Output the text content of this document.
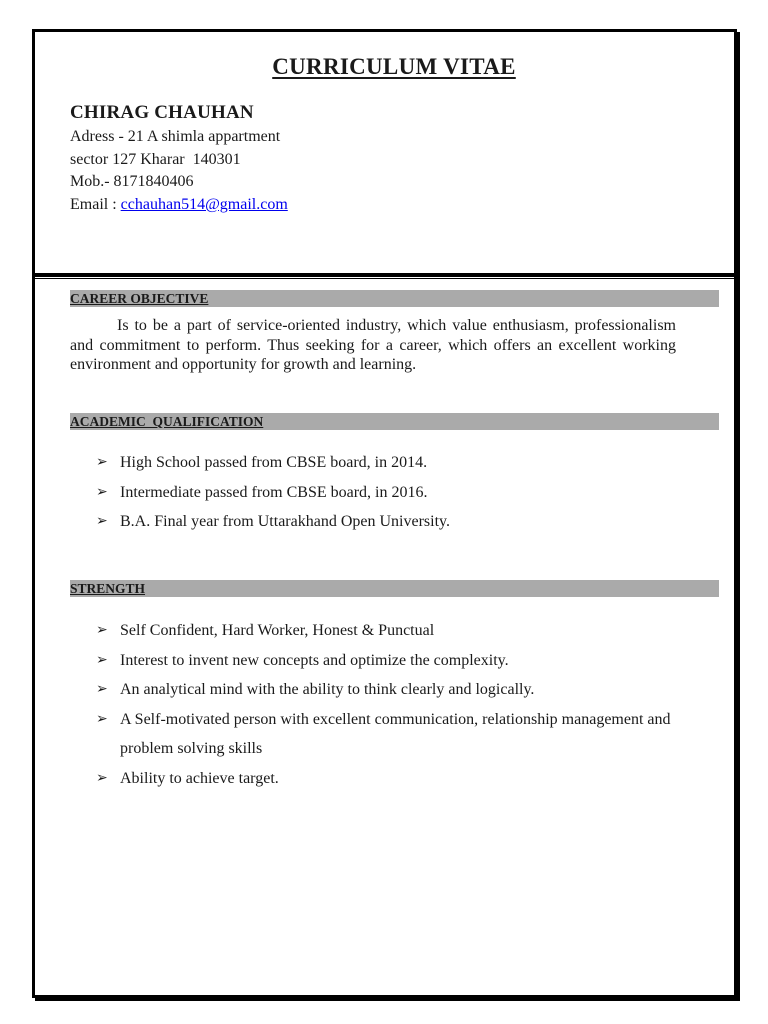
CURRICULUM VITAE
CHIRAG CHAUHAN
Adress - 21 A shimla appartment
sector 127 Kharar  140301
Mob.- 8171840406
Email : cchauhan514@gmail.com
CAREER OBJECTIVE
Is to be a part of service-oriented industry, which value enthusiasm, professionalism and commitment to perform. Thus seeking for a career, which offers an excellent working environment and opportunity for growth and learning.
ACADEMIC  QUALIFICATION
➢ High School passed from CBSE board, in 2014.
➢ Intermediate passed from CBSE board, in 2016.
➢ B.A. Final year from Uttarakhand Open University.
STRENGTH
➢ Self Confident, Hard Worker, Honest & Punctual
➢ Interest to invent new concepts and optimize the complexity.
➢ An analytical mind with the ability to think clearly and logically.
➢ A Self-motivated person with excellent communication, relationship management and problem solving skills
➢ Ability to achieve target.
